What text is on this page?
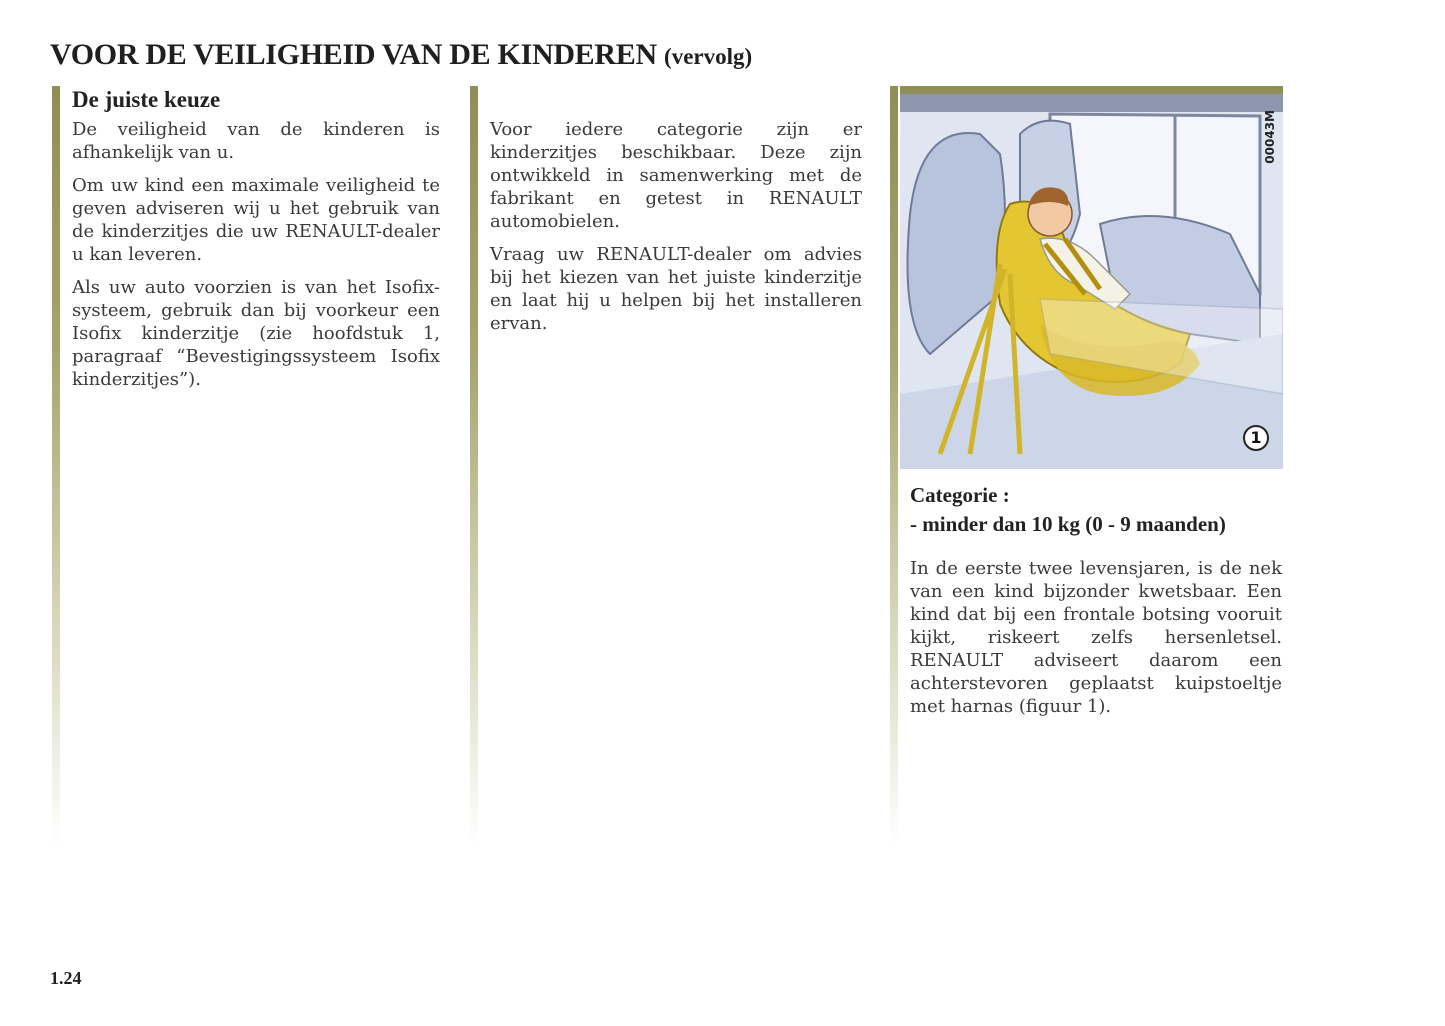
VOOR DE VEILIGHEID VAN DE KINDEREN (vervolg)
De juiste keuze

De veiligheid van de kinderen is afhankelijk van u.

Om uw kind een maximale veiligheid te geven adviseren wij u het gebruik van de kinderzitjes die uw RENAULT-dealer u kan leveren.

Als uw auto voorzien is van het Isofix-systeem, gebruik dan bij voorkeur een Isofix kinderzitje (zie hoofdstuk 1, paragraaf “Bevestigingssysteem Isofix kinderzitjes”).

Voor iedere categorie zijn er kinderzitjes beschikbaar. Deze zijn ontwikkeld in samenwerking met de fabrikant en getest in RENAULT automobielen.

Vraag uw RENAULT-dealer om advies bij het kiezen van het juiste kinderzitje en laat hij u helpen bij het installeren ervan.

00043M
1
Categorie :
- minder dan 10 kg (0 - 9 maanden)

In de eerste twee levensjaren, is de nek van een kind bijzonder kwetsbaar. Een kind dat bij een frontale botsing vooruit kijkt, riskeert zelfs hersenletsel. RENAULT adviseert daarom een achterstevoren geplaatst kuipstoeltje met harnas (figuur 1).

1.24
